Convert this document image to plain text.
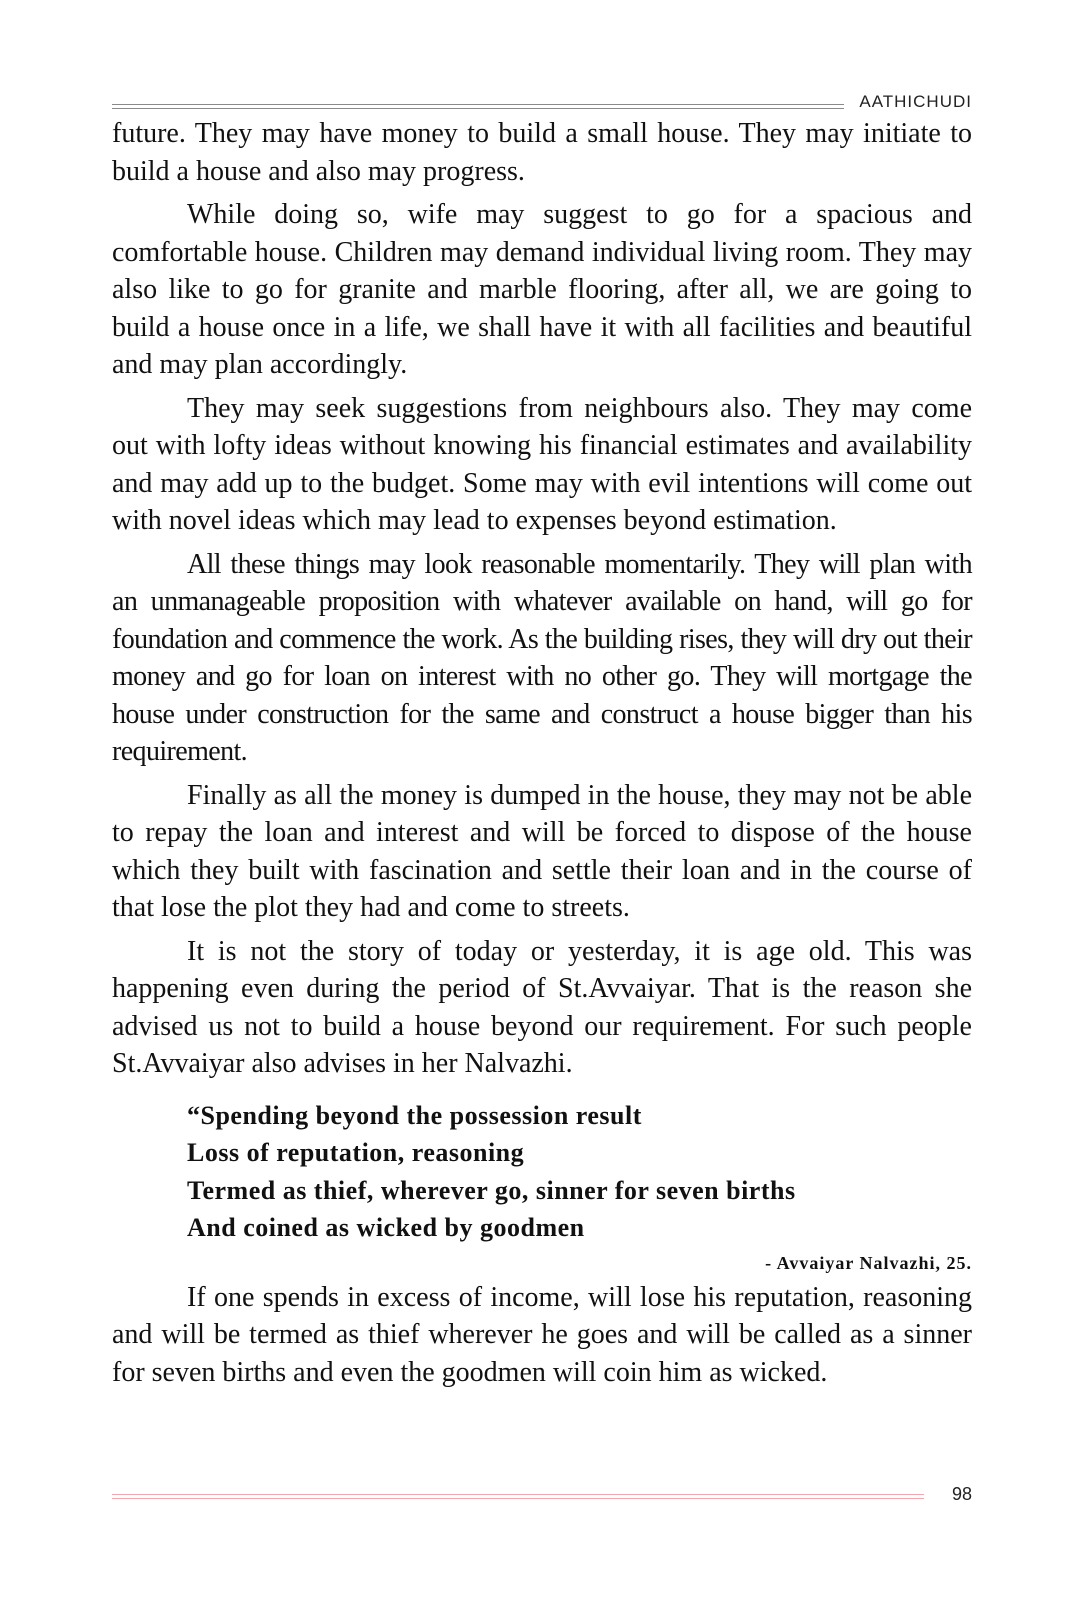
AATHICHUDI

future. They may have money to build a small house. They may initiate to build a house and also may progress.

While doing so, wife may suggest to go for a spacious and comfortable house. Children may demand individual living room. They may also like to go for granite and marble flooring, after all, we are going to build a house once in a life, we shall have it with all facilities and beautiful and may plan accordingly.

They may seek suggestions from neighbours also. They may come out with lofty ideas without knowing his financial estimates and availability and may add up to the budget. Some may with evil intentions will come out with novel ideas which may lead to expenses beyond estimation.

All these things may look reasonable momentarily. They will plan with an unmanageable proposition with whatever available on hand, will go for foundation and commence the work. As the building rises, they will dry out their money and go for loan on interest with no other go. They will mortgage the house under construction for the same and construct a house bigger than his requirement.

Finally as all the money is dumped in the house, they may not be able to repay the loan and interest and will be forced to dispose of the house which they built with fascination and settle their loan and in the course of that lose the plot they had and come to streets.

It is not the story of today or yesterday, it is age old. This was happening even during the period of St.Avvaiyar. That is the reason she advised us not to build a house beyond our requirement. For such people St.Avvaiyar also advises in her Nalvazhi.

“Spending beyond the possession result
Loss of reputation, reasoning
Termed as thief, wherever go, sinner for seven births
And coined as wicked by goodmen
- Avvaiyar Nalvazhi, 25.

If one spends in excess of income, will lose his reputation, reasoning and will be termed as thief wherever he goes and will be called as a sinner for seven births and even the goodmen will coin him as wicked.

98
